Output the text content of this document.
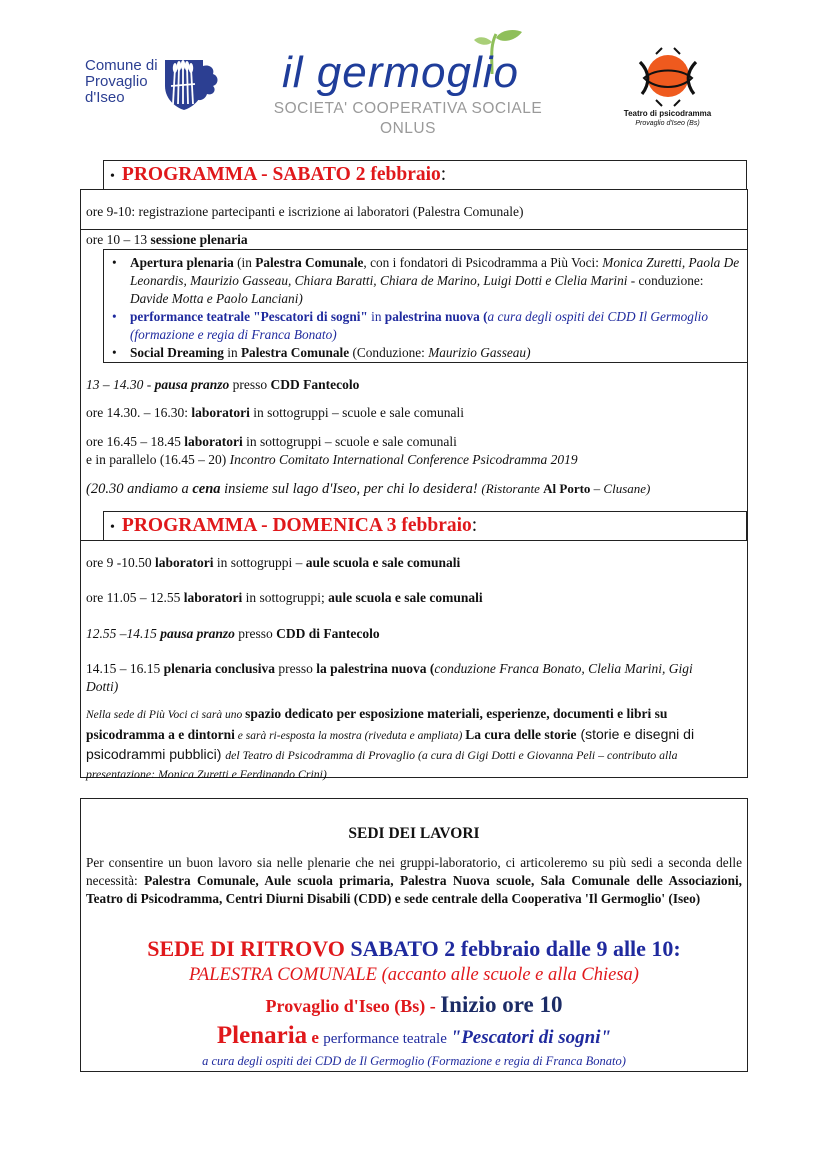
Comune di
Provaglio
d'Iseo
il germoglio
SOCIETA' COOPERATIVA SOCIALE
ONLUS
Teatro di psicodramma
Provaglio d'Iseo (Bs)
•  PROGRAMMA - SABATO 2 febbraio:
ore 9-10: registrazione partecipanti e iscrizione ai laboratori (Palestra Comunale)
ore 10 – 13 sessione plenaria
• Apertura plenaria (in Palestra Comunale, con i fondatori di Psicodramma a Più Voci: Monica Zuretti, Paola De Leonardis, Maurizio Gasseau, Chiara Baratti, Chiara de Marino, Luigi Dotti e Clelia Marini - conduzione: Davide Motta e Paolo Lanciani)
• performance teatrale "Pescatori di sogni" in palestrina nuova (a cura degli ospiti dei CDD Il Germoglio (formazione e regia di Franca Bonato)
• Social Dreaming in Palestra Comunale (Conduzione: Maurizio Gasseau)
13 – 14.30 - pausa pranzo presso CDD Fantecolo
ore 14.30. – 16.30: laboratori in sottogruppi – scuole e sale comunali
ore 16.45 – 18.45 laboratori in sottogruppi – scuole e sale comunali
e in parallelo (16.45 – 20) Incontro Comitato International Conference Psicodramma 2019
(20.30 andiamo a cena insieme sul lago d'Iseo, per chi lo desidera! (Ristorante Al Porto – Clusane)
•  PROGRAMMA - DOMENICA 3 febbraio:
ore 9 -10.50 laboratori in sottogruppi – aule scuola e sale comunali
ore 11.05 – 12.55 laboratori in sottogruppi; aule scuola e sale comunali
12.55 –14.15 pausa pranzo presso CDD di Fantecolo
14.15 – 16.15 plenaria conclusiva presso la palestrina nuova (conduzione Franca Bonato, Clelia Marini, Gigi Dotti)
Nella sede di Più Voci ci sarà uno spazio dedicato per esposizione materiali, esperienze, documenti e libri su psicodramma a e dintorni e sarà ri-esposta la mostra (riveduta e ampliata) La cura delle storie (storie e disegni di psicodrammi pubblici) del Teatro di Psicodramma di Provaglio (a cura di Gigi Dotti e Giovanna Peli – contributo alla presentazione: Monica Zuretti e Ferdinando Crini)
SEDI DEI LAVORI
Per consentire un buon lavoro sia nelle plenarie che nei gruppi-laboratorio, ci articoleremo su più sedi a seconda delle necessità: Palestra Comunale, Aule scuola primaria, Palestra Nuova scuole, Sala Comunale delle Associazioni, Teatro di Psicodramma, Centri Diurni Disabili (CDD) e sede centrale della Cooperativa 'Il Germoglio' (Iseo)
SEDE DI RITROVO SABATO 2 febbraio dalle 9 alle 10:
PALESTRA COMUNALE (accanto alle scuole e alla Chiesa)
Provaglio d'Iseo (Bs) - Inizio ore 10
Plenaria e performance teatrale "Pescatori di sogni"
a cura degli ospiti dei CDD de Il Germoglio (Formazione e regia di Franca Bonato)
